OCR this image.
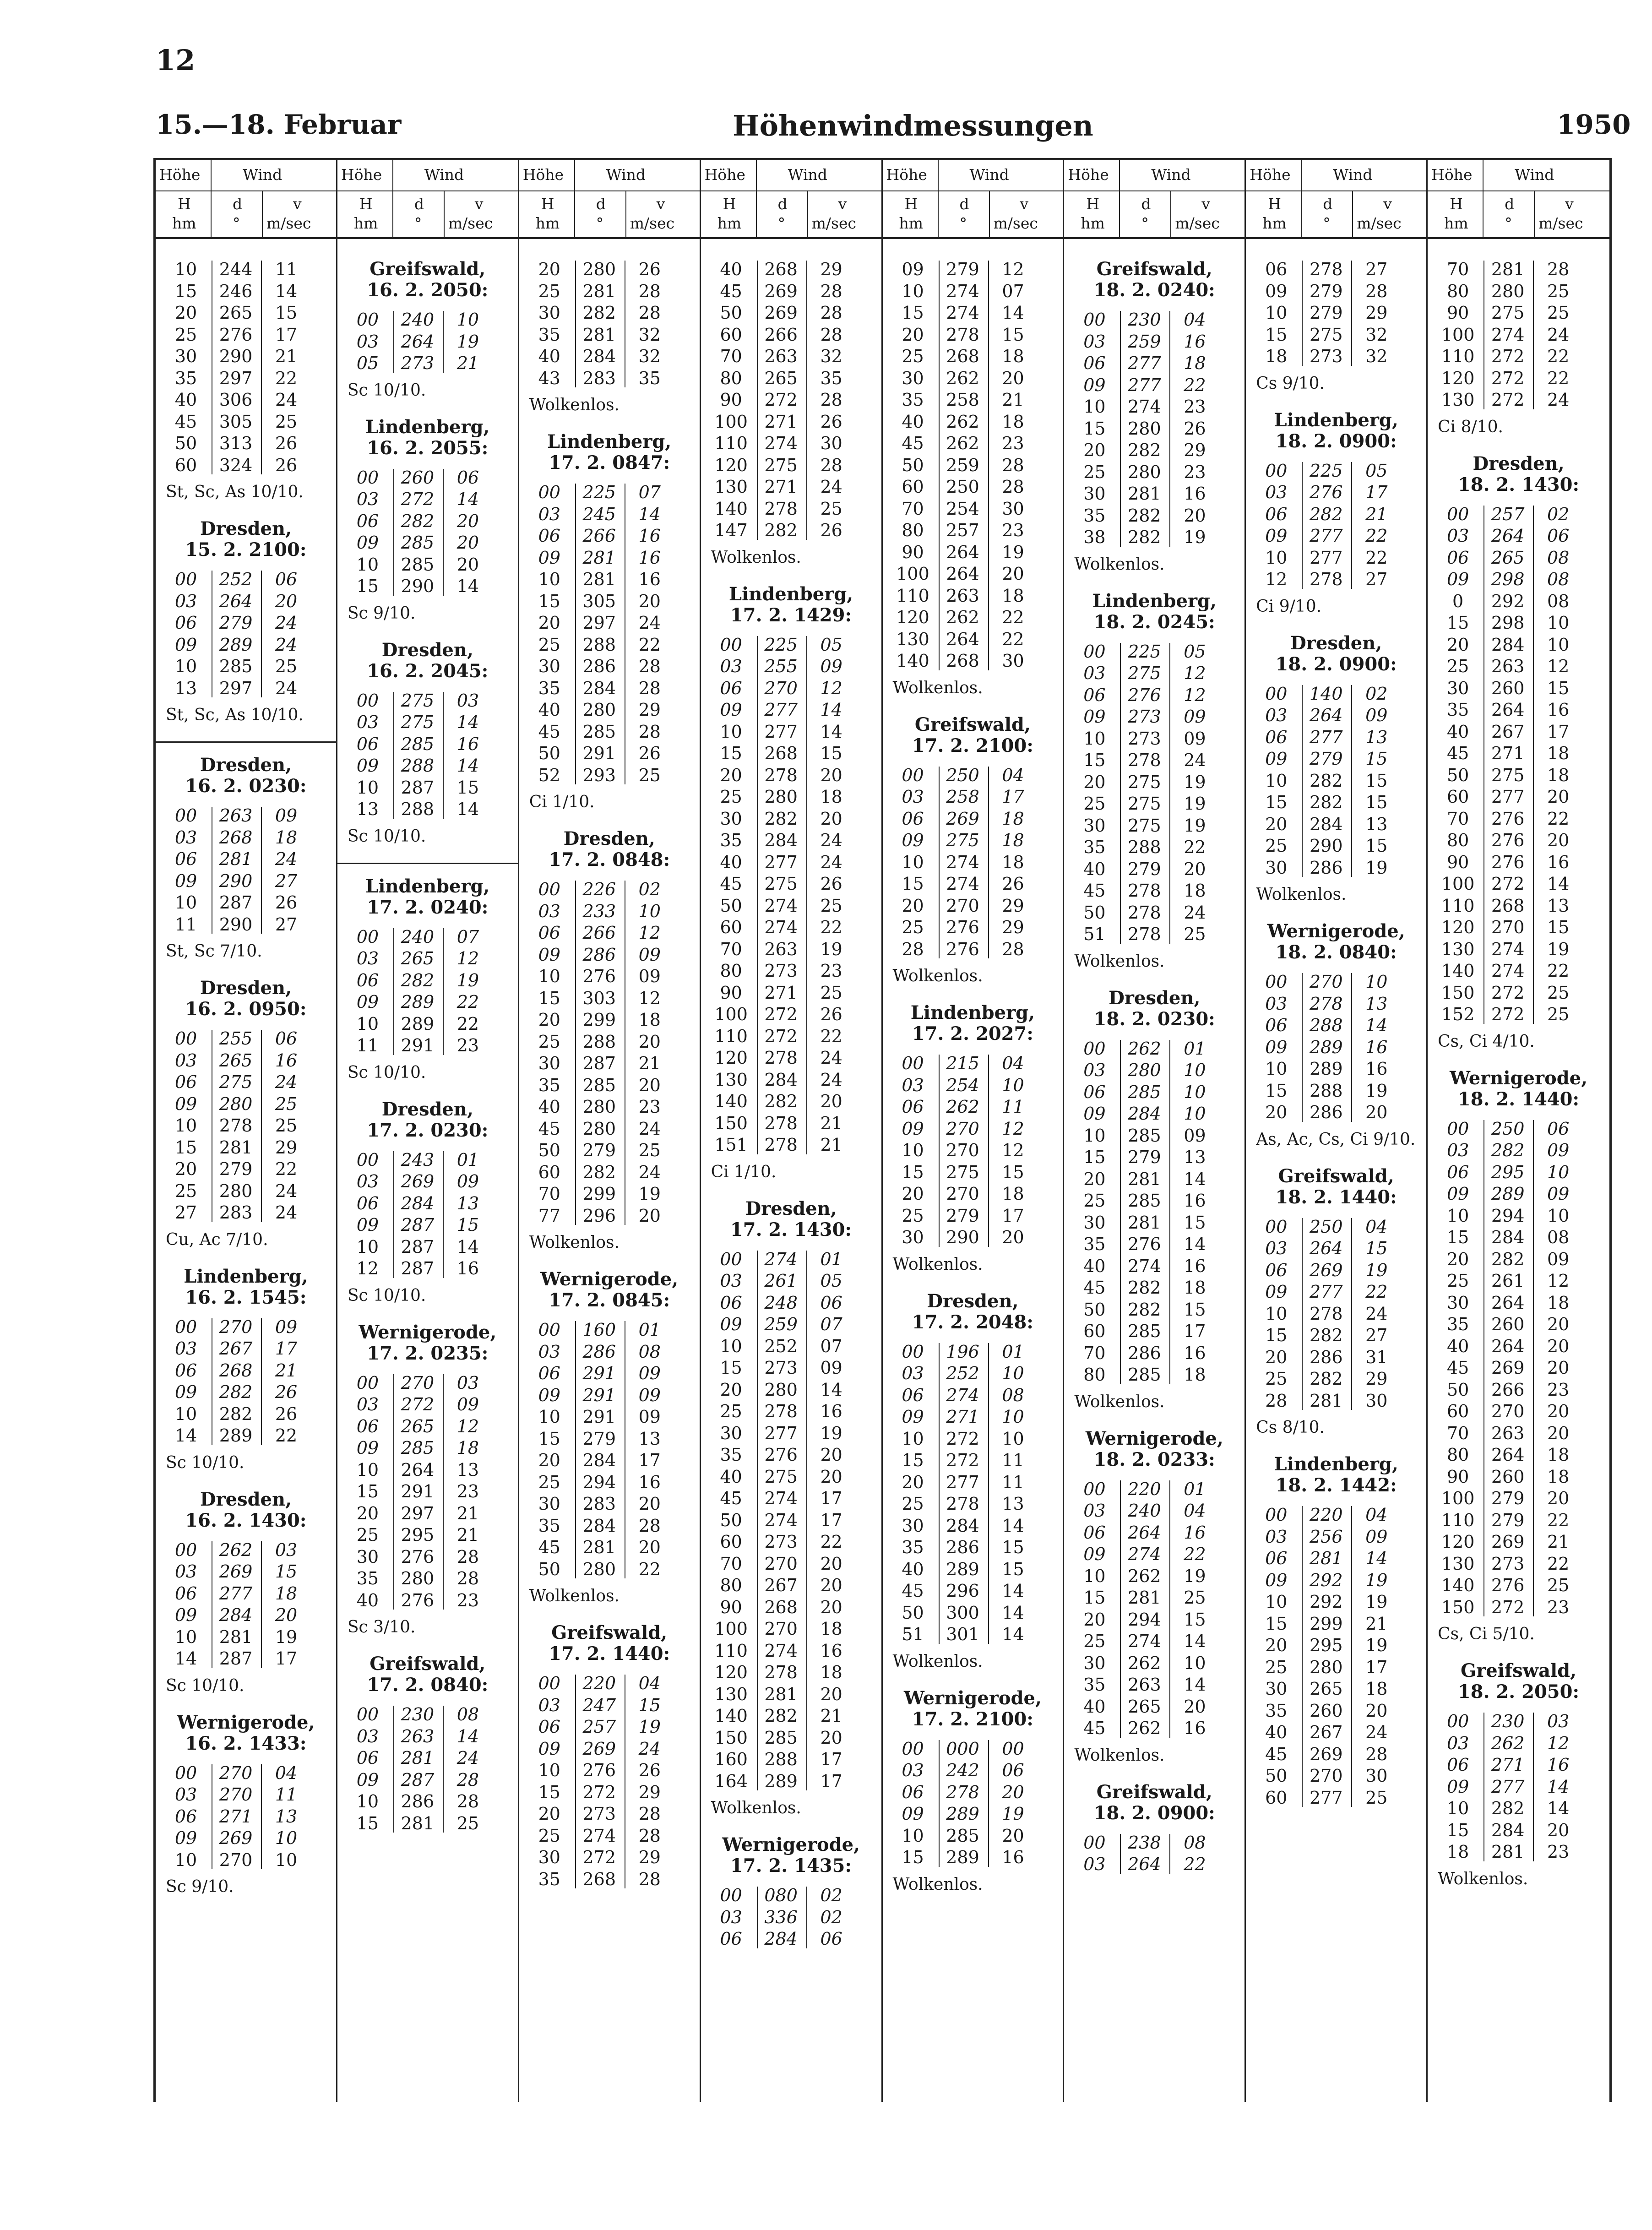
12
15.—18. Februar	Höhenwindmessungen	1950
Höhe	Wind
H
hm
d
°
v
m/sec
10	244	11
15	246	14
20	265	15
25	276	17
30	290	21
35	297	22
40	306	24
45	305	25
50	313	26
60	324	26
St, Sc, As 10/10.
Dresden,
15. 2. 2100:
00	252	06
03	264	20
06	279	24
09	289	24
10	285	25
13	297	24
St, Sc, As 10/10.
Dresden,
16. 2. 0230:
00	263	09
03	268	18
06	281	24
09	290	27
10	287	26
11	290	27
St, Sc 7/10.
Dresden,
16. 2. 0950:
00	255	06
03	265	16
06	275	24
09	280	25
10	278	25
15	281	29
20	279	22
25	280	24
27	283	24
Cu, Ac 7/10.
Lindenberg,
16. 2. 1545:
00	270	09
03	267	17
06	268	21
09	282	26
10	282	26
14	289	22
Sc 10/10.
Dresden,
16. 2. 1430:
00	262	03
03	269	15
06	277	18
09	284	20
10	281	19
14	287	17
Sc 10/10.
Wernigerode,
16. 2. 1433:
00	270	04
03	270	11
06	271	13
09	269	10
10	270	10
Sc 9/10.
Höhe	Wind
H
hm
d
°
v
m/sec
Greifswald,
16. 2. 2050:
00	240	10
03	264	19
05	273	21
Sc 10/10.
Lindenberg,
16. 2. 2055:
00	260	06
03	272	14
06	282	20
09	285	20
10	285	20
15	290	14
Sc 9/10.
Dresden,
16. 2. 2045:
00	275	03
03	275	14
06	285	16
09	288	14
10	287	15
13	288	14
Sc 10/10.
Lindenberg,
17. 2. 0240:
00	240	07
03	265	12
06	282	19
09	289	22
10	289	22
11	291	23
Sc 10/10.
Dresden,
17. 2. 0230:
00	243	01
03	269	09
06	284	13
09	287	15
10	287	14
12	287	16
Sc 10/10.
Wernigerode,
17. 2. 0235:
00	270	03
03	272	09
06	265	12
09	285	18
10	264	13
15	291	23
20	297	21
25	295	21
30	276	28
35	280	28
40	276	23
Sc 3/10.
Greifswald,
17. 2. 0840:
00	230	08
03	263	14
06	281	24
09	287	28
10	286	28
15	281	25
Höhe	Wind
H
hm
d
°
v
m/sec
20	280	26
25	281	28
30	282	28
35	281	32
40	284	32
43	283	35
Wolkenlos.
Lindenberg,
17. 2. 0847:
00	225	07
03	245	14
06	266	16
09	281	16
10	281	16
15	305	20
20	297	24
25	288	22
30	286	28
35	284	28
40	280	29
45	285	28
50	291	26
52	293	25
Ci 1/10.
Dresden,
17. 2. 0848:
00	226	02
03	233	10
06	266	12
09	286	09
10	276	09
15	303	12
20	299	18
25	288	20
30	287	21
35	285	20
40	280	23
45	280	24
50	279	25
60	282	24
70	299	19
77	296	20
Wolkenlos.
Wernigerode,
17. 2. 0845:
00	160	01
03	286	08
06	291	09
09	291	09
10	291	09
15	279	13
20	284	17
25	294	16
30	283	20
35	284	28
45	281	20
50	280	22
Wolkenlos.
Greifswald,
17. 2. 1440:
00	220	04
03	247	15
06	257	19
09	269	24
10	276	26
15	272	29
20	273	28
25	274	28
30	272	29
35	268	28
Höhe	Wind
H
hm
d
°
v
m/sec
40	268	29
45	269	28
50	269	28
60	266	28
70	263	32
80	265	35
90	272	28
100 271	26
110 274	30
120 275	28
130 271	24
140 278	25
147 282	26
Wolkenlos.
Lindenberg,
17. 2. 1429:
00	225	05
03	255	09
06	270	12
09	277	14
10	277	14
15	268	15
20	278	20
25	280	18
30	282	20
35	284	24
40	277	24
45	275	26
50	274	25
60	274	22
70	263	19
80	273	23
90	271	25
100 272	26
110 272	22
120 278	24
130 284	24
140 282	20
150 278	21
151 278	21
Ci 1/10.
Dresden,
17. 2. 1430:
00	274	01
03	261	05
06	248	06
09	259	07
10	252	07
15	273	09
20	280	14
25	278	16
30	277	19
35	276	20
40	275	20
45	274	17
50	274	17
60	273	22
70	270	20
80	267	20
90	268	20
100 270	18
110 274	16
120 278	18
130 281	20
140 282	21
150 285	20
160 288	17
164 289	17
Wolkenlos.
Wernigerode,
17. 2. 1435:
00	080	02
03	336	02
06	284	06
Höhe	Wind
H
hm
d
°
v
m/sec
09	279	12
10	274	07
15	274	14
20	278	15
25	268	18
30	262	20
35	258	21
40	262	18
45	262	23
50	259	28
60	250	28
70	254	30
80	257	23
90	264	19
100 264	20
110 263	18
120 262	22
130 264	22
140 268	30
Wolkenlos.
Greifswald,
17. 2. 2100:
00	250	04
03	258	17
06	269	18
09	275	18
10	274	18
15	274	26
20	270	29
25	276	29
28	276	28
Wolkenlos.
Lindenberg,
17. 2. 2027:
00	215	04
03	254	10
06	262	11
09	270	12
10	270	12
15	275	15
20	270	18
25	279	17
30	290	20
Wolkenlos.
Dresden,
17. 2. 2048:
00	196	01
03	252	10
06	274	08
09	271	10
10	272	10
15	272	11
20	277	11
25	278	13
30	284	14
35	286	15
40	289	15
45	296	14
50	300	14
51	301	14
Wolkenlos.
Wernigerode,
17. 2. 2100:
00	000	00
03	242	06
06	278	20
09	289	19
10	285	20
15	289	16
Wolkenlos.
Höhe	Wind
H
hm
d
°
v
m/sec
Greifswald,
18. 2. 0240:
00	230	04
03	259	16
06	277	18
09	277	22
10	274	23
15	280	26
20	282	29
25	280	23
30	281	16
35	282	20
38	282	19
Wolkenlos.
Lindenberg,
18. 2. 0245:
00	225	05
03	275	12
06	276	12
09	273	09
10	273	09
15	278	24
20	275	19
25	275	19
30	275	19
35	288	22
40	279	20
45	278	18
50	278	24
51	278	25
Wolkenlos.
Dresden,
18. 2. 0230:
00	262	01
03	280	10
06	285	10
09	284	10
10	285	09
15	279	13
20	281	14
25	285	16
30	281	15
35	276	14
40	274	16
45	282	18
50	282	15
60	285	17
70	286	16
80	285	18
Wolkenlos.
Wernigerode,
18. 2. 0233:
00	220	01
03	240	04
06	264	16
09	274	22
10	262	19
15	281	25
20	294	15
25	274	14
30	262	10
35	263	14
40	265	20
45	262	16
Wolkenlos.
Greifswald,
18. 2. 0900:
00	238	08
03	264	22
Höhe	Wind
H
hm
d
°
v
m/sec
06	278	27
09	279	28
10	279	29
15	275	32
18	273	32
Cs 9/10.
Lindenberg,
18. 2. 0900:
00	225	05
03	276	17
06	282	21
09	277	22
10	277	22
12	278	27
Ci 9/10.
Dresden,
18. 2. 0900:
00	140	02
03	264	09
06	277	13
09	279	15
10	282	15
15	282	15
20	284	13
25	290	15
30	286	19
Wolkenlos.
Wernigerode,
18. 2. 0840:
00	270	10
03	278	13
06	288	14
09	289	16
10	289	16
15	288	19
20	286	20
As, Ac, Cs, Ci 9/10.
Greifswald,
18. 2. 1440:
00	250	04
03	264	15
06	269	19
09	277	22
10	278	24
15	282	27
20	286	31
25	282	29
28	281	30
Cs 8/10.
Lindenberg,
18. 2. 1442:
00	220	04
03	256	09
06	281	14
09	292	19
10	292	19
15	299	21
20	295	19
25	280	17
30	265	18
35	260	20
40	267	24
45	269	28
50	270	30
60	277	25
Höhe	Wind
H
hm
d
°
v
m/sec
70	281	28
80	280	25
90	275	25
100 274	24
110 272	22
120 272	22
130 272	24
Ci 8/10.
Dresden,
18. 2. 1430:
00	257	02
03	264	06
06	265	08
09	298	08
0	292	08
15	298	10
20	284	10
25	263	12
30	260	15
35	264	16
40	267	17
45	271	18
50	275	18
60	277	20
70	276	22
80	276	20
90	276	16
100 272	14
110 268	13
120 270	15
130 274	19
140 274	22
150 272	25
152 272	25
Cs, Ci 4/10.
Wernigerode,
18. 2. 1440:
00	250	06
03	282	09
06	295	10
09	289	09
10	294	10
15	284	08
20	282	09
25	261	12
30	264	18
35	260	20
40	264	20
45	269	20
50	266	23
60	270	20
70	263	20
80	264	18
90	260	18
100 279	20
110 279	22
120 269	21
130 273	22
140 276	25
150 272	23
Cs, Ci 5/10.
Greifswald,
18. 2. 2050:
00	230	03
03	262	12
06	271	16
09	277	14
10	282	14
15	284	20
18	281	23
Wolkenlos.
